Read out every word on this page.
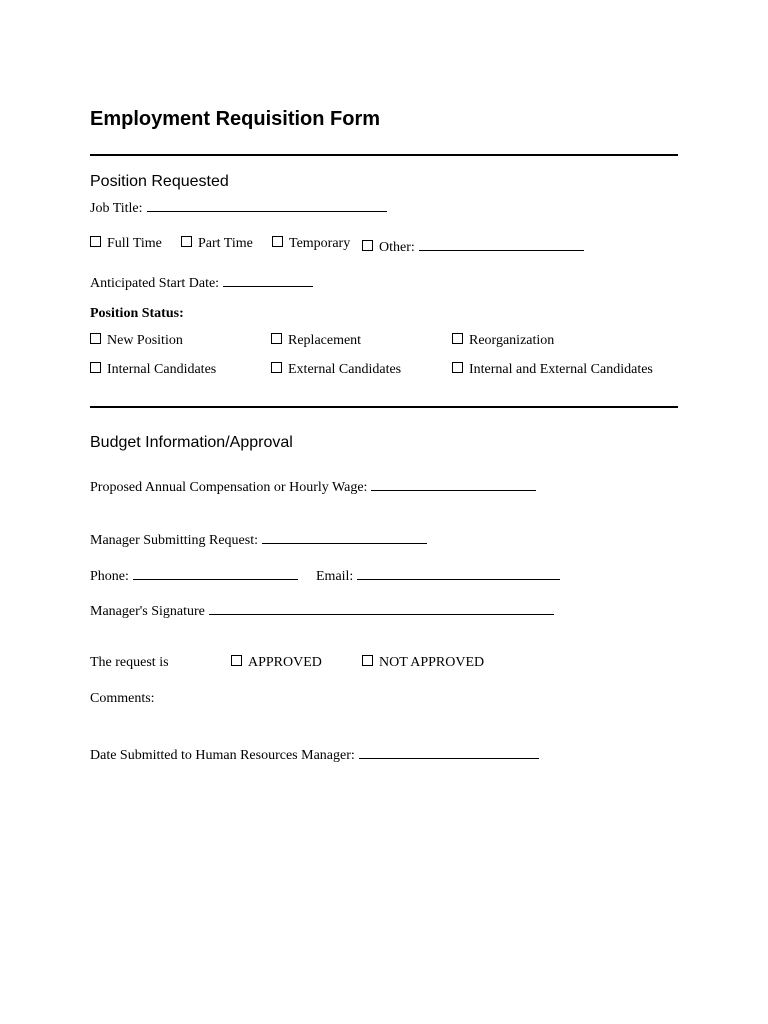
Employment Requisition Form
Position Requested
Job Title:
Full Time	Part Time	Temporary	Other:
Anticipated Start Date:
Position Status:
New Position	Replacement	Reorganization
Internal Candidates	External Candidates	Internal and External Candidates
Budget Information/Approval
Proposed Annual Compensation or Hourly Wage:
Manager Submitting Request:
Phone:	Email:
Manager's Signature
The request is	APPROVED	NOT APPROVED
Comments:
Date Submitted to Human Resources Manager:
